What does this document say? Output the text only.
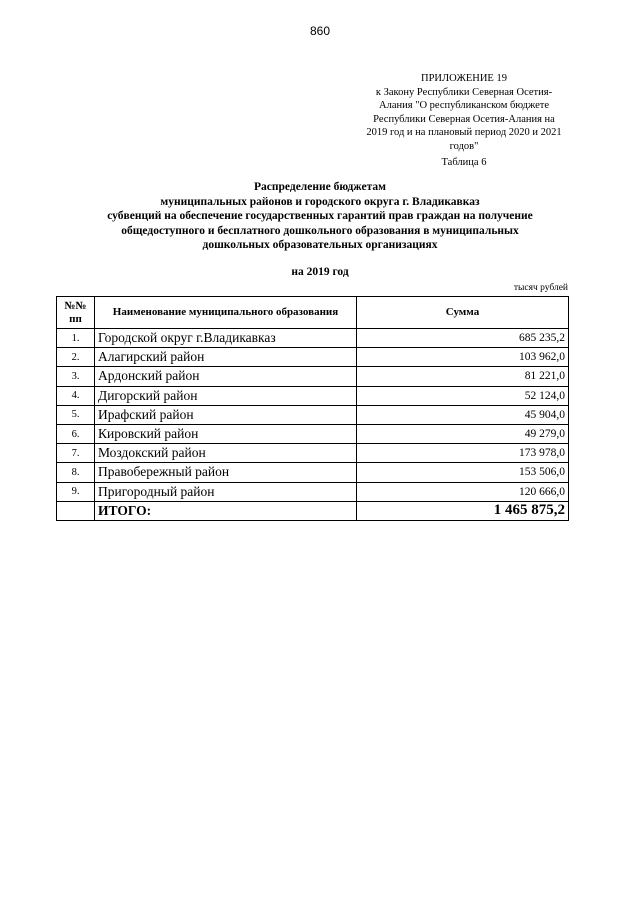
860
ПРИЛОЖЕНИЕ 19
к Закону Республики Северная Осетия-
Алания "О республиканском бюджете
Республики Северная Осетия-Алания на
2019 год и на плановый период 2020 и 2021
годов"
Таблица 6
Распределение бюджетам
муниципальных районов и городского округа г. Владикавказ
субвенций на обеспечение государственных гарантий прав граждан на получение
общедоступного и бесплатного дошкольного образования в муниципальных
дошкольных образовательных организациях
на 2019 год
тысяч рублей
№№ пп	Наименование муниципального образования	Сумма
1.	Городской округ г.Владикавказ	685 235,2
2.	Алагирский район	103 962,0
3.	Ардонский район	81 221,0
4.	Дигорский район	52 124,0
5.	Ирафский район	45 904,0
6.	Кировский район	49 279,0
7.	Моздокский район	173 978,0
8.	Правобережный район	153 506,0
9.	Пригородный район	120 666,0
	ИТОГО:	1 465 875,2
